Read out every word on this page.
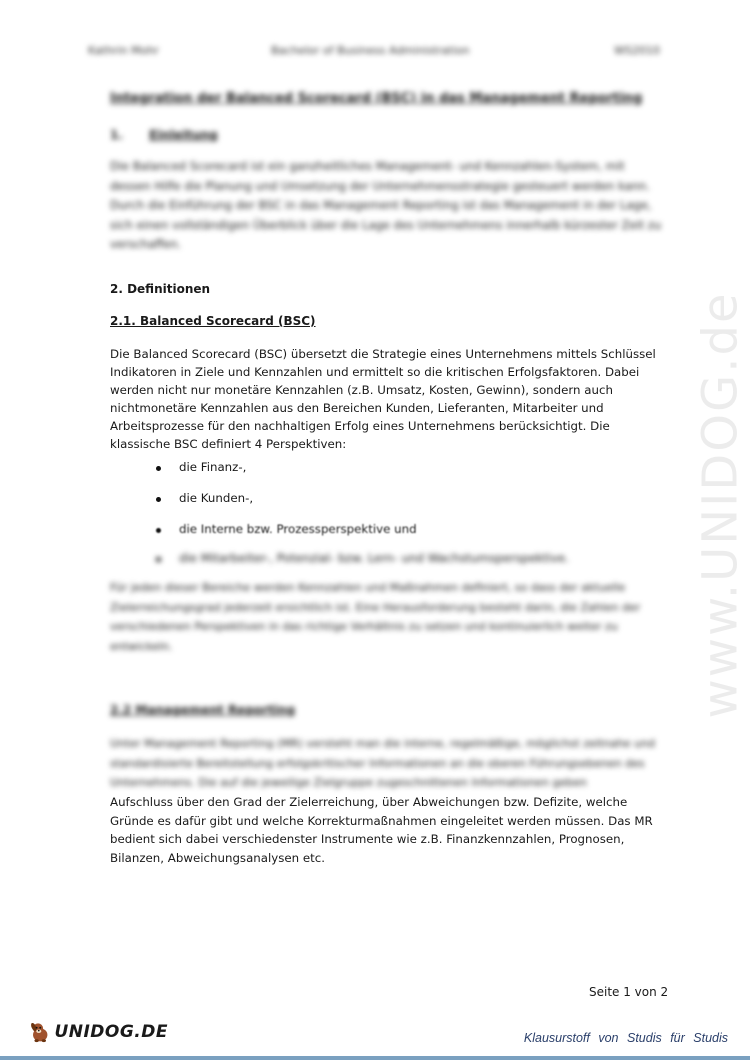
Kathrin Mohr	Bachelor of Business Administration	WS2010
Integration der Balanced Scorecard (BSC) in das Management Reporting
1. Einleitung
Die Balanced Scorecard ist ein ganzheitliches Management- und Kennzahlen-System, mit dessen Hilfe die Planung und Umsetzung der Unternehmensstrategie gesteuert werden kann. Durch die Einführung der BSC in das Management Reporting ist das Management in der Lage, sich einen vollständigen Überblick über die Lage des Unternehmens innerhalb kürzester Zeit zu verschaffen.
2. Definitionen
2.1. Balanced Scorecard (BSC)
Die Balanced Scorecard (BSC) übersetzt die Strategie eines Unternehmens mittels Schlüssel Indikatoren in Ziele und Kennzahlen und ermittelt so die kritischen Erfolgsfaktoren. Dabei werden nicht nur monetäre Kennzahlen (z.B. Umsatz, Kosten, Gewinn), sondern auch nichtmonetäre Kennzahlen aus den Bereichen Kunden, Lieferanten, Mitarbeiter und Arbeitsprozesse für den nachhaltigen Erfolg eines Unternehmens berücksichtigt. Die klassische BSC definiert 4 Perspektiven:
die Finanz-,
die Kunden-,
die Interne bzw. Prozessperspektive und
die Mitarbeiter-, Potenzial- bzw. Lern- und Wachstumsperspektive.
Für jeden dieser Bereiche werden Kennzahlen und Maßnahmen definiert, so dass der aktuelle Zielerreichungsgrad jederzeit ersichtlich ist. Eine Herausforderung besteht darin, die Zahlen der verschiedenen Perspektiven in das richtige Verhältnis zu setzen und kontinuierlich weiter zu entwickeln.
2.2 Management Reporting
Unter Management Reporting (MR) versteht man die interne, regelmäßige, möglichst zeitnahe und standardisierte Bereitstellung erfolgskritischer Informationen an die oberen Führungsebenen des Unternehmens. Die auf die jeweilige Zielgruppe zugeschnittenen Informationen geben
Aufschluss über den Grad der Zielerreichung, über Abweichungen bzw. Defizite, welche Gründe es dafür gibt und welche Korrekturmaßnahmen eingeleitet werden müssen. Das MR bedient sich dabei verschiedenster Instrumente wie z.B. Finanzkennzahlen, Prognosen, Bilanzen, Abweichungsanalysen etc.
Seite 1 von 2
www.UNIDOG.de
UNIDOG.DE	Klausurstoff von Studis für Studis
